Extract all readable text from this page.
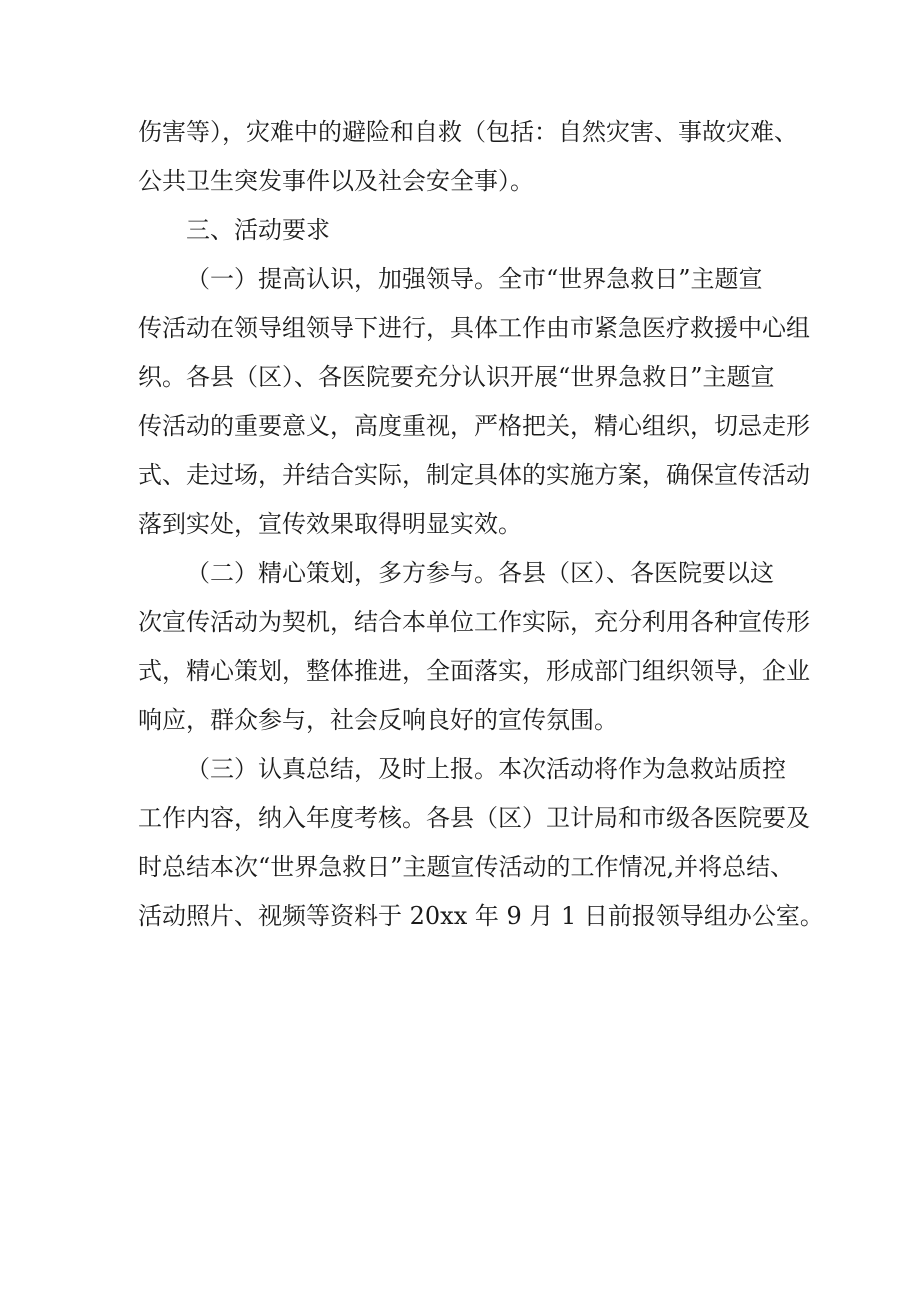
伤害等），灾难中的避险和自救（包括：自然灾害、事故灾难、
公共卫生突发事件以及社会安全事）。
三、活动要求
（一）提高认识，加强领导。全市“世界急救日”主题宣
传活动在领导组领导下进行，具体工作由市紧急医疗救援中心组
织。各县（区）、各医院要充分认识开展“世界急救日”主题宣
传活动的重要意义，高度重视，严格把关，精心组织，切忌走形
式、走过场，并结合实际，制定具体的实施方案，确保宣传活动
落到实处，宣传效果取得明显实效。
（二）精心策划，多方参与。各县（区）、各医院要以这
次宣传活动为契机，结合本单位工作实际，充分利用各种宣传形
式，精心策划，整体推进，全面落实，形成部门组织领导，企业
响应，群众参与，社会反响良好的宣传氛围。
（三）认真总结，及时上报。本次活动将作为急救站质控
工作内容，纳入年度考核。各县（区）卫计局和市级各医院要及
时总结本次“世界急救日”主题宣传活动的工作情况,并将总结、
活动照片、视频等资料于 20xx 年 9 月 1 日前报领导组办公室。
